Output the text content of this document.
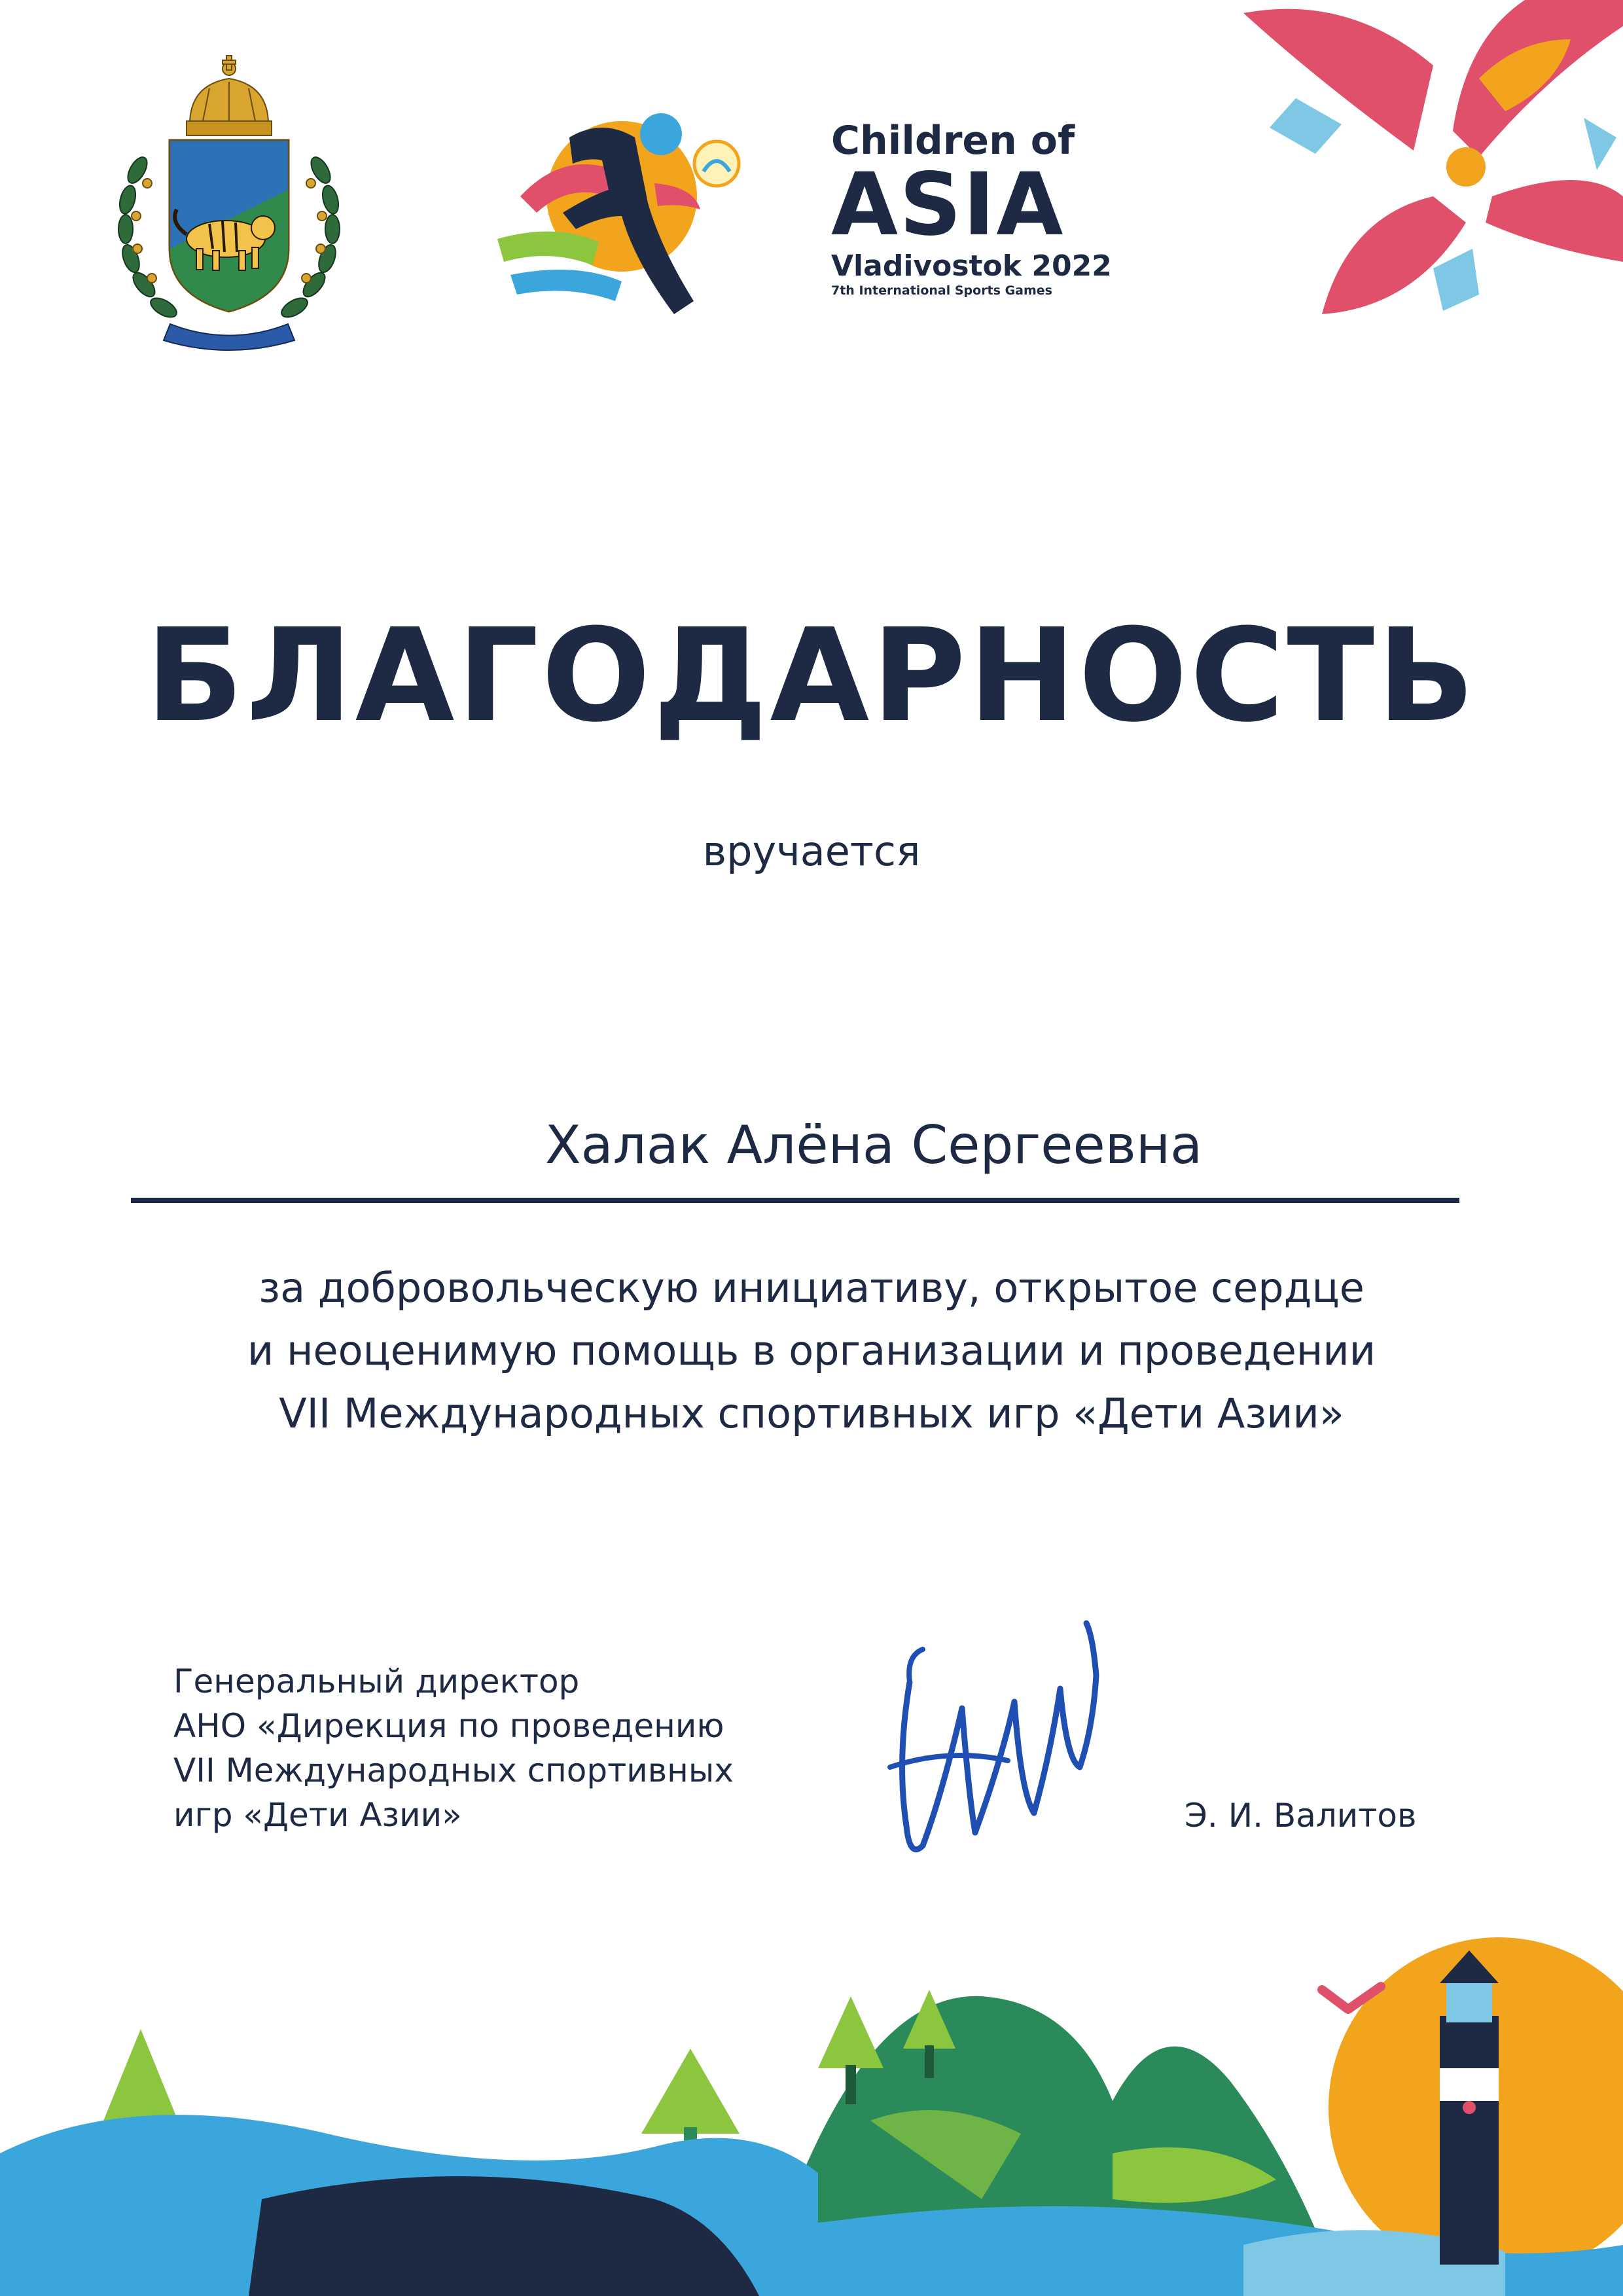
Children of
ASIA
Vladivostok 2022
7th International Sports Games
БЛАГОДАРНОСТЬ
вручается
Халак Алёна Сергеевна
за добровольческую инициативу, открытое сердце
и неоценимую помощь в организации и проведении
VII Международных спортивных игр «Дети Азии»
Генеральный директор
АНО «Дирекция по проведению
VII Международных спортивных
игр «Дети Азии»	Э. И. Валитов
